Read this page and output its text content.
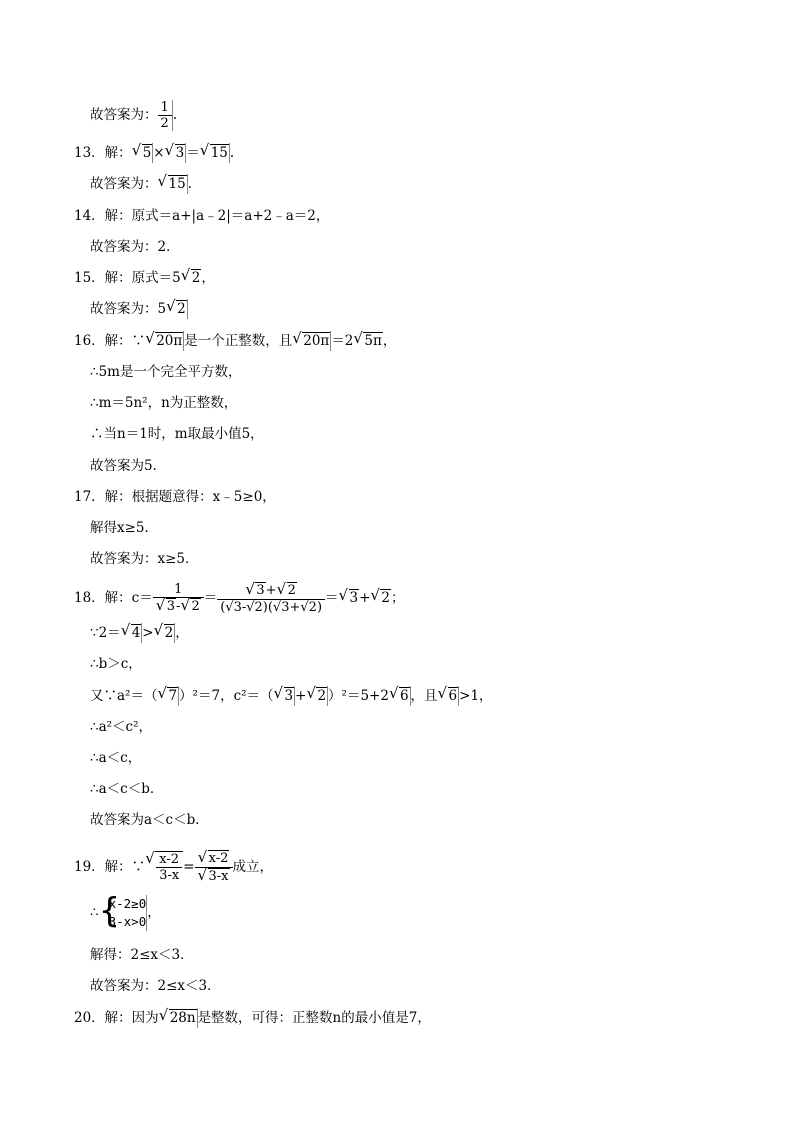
故答案为： $\frac{1}{2}$ .
13．解： √ 5 × √ 3 ＝ √ 15 .
故答案为： √ 15 .
14．解：原式＝a+|a﹣2|＝a+2﹣a＝2，
故答案为：2．
15．解：原式＝5 √ 2，
故答案为：5 √ 2
16．解：∵ √ 20π 是一个正整数，且 √ 20π ＝2 √ 5π，
∴5m是一个完全平方数，
∴m＝5n²，n为正整数，
∴当n＝1时，m取最小值5，
故答案为5．
17．解：根据题意得：x﹣5≥0，
解得x≥5．
故答案为：x≥5．
18．解：c＝ 1
√ 3- √ 2 ＝ √ $\frac{3+ √ 2}{(√3-√2)(√3+√2)}$ ＝ √ 3+ √ 2；
∵2＝ √ 4 > √ 2 ，
∴b＞c，
又∵a²＝（ √ 7 ）²＝7，c²＝（ √ 3 + √ 2 ）²＝5+2 √ 6 ，且 √ 6 >1，
∴a²＜c²，
∴a＜c，
∴a＜c＜b．
故答案为a＜c＜b．
19．解：∵ √ $\frac{x-2}{3-x}$ = √ x-2
√ 3-x 成立，
∴
{ x-2≥0
3-x>0
，
解得：2≤x＜3．
故答案为：2≤x＜3．
20．解：因为 √ 28n 是整数，可得：正整数n的最小值是7，
